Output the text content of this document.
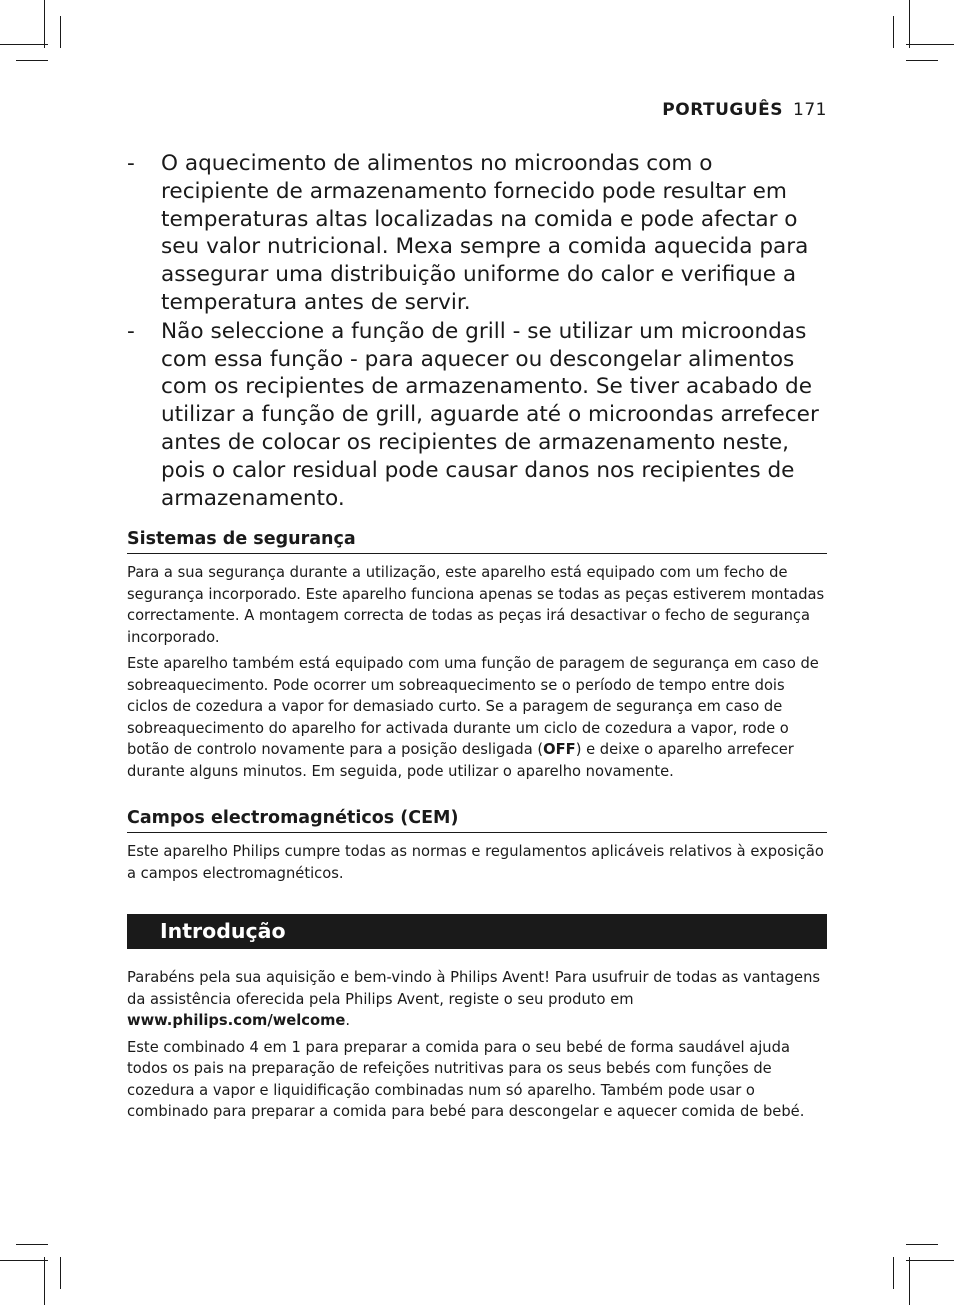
PORTUGUÊS 171
- O aquecimento de alimentos no microondas com o recipiente de armazenamento fornecido pode resultar em temperaturas altas localizadas na comida e pode afectar o seu valor nutricional. Mexa sempre a comida aquecida para assegurar uma distribuição uniforme do calor e verifique a temperatura antes de servir.
- Não seleccione a função de grill - se utilizar um microondas com essa função - para aquecer ou descongelar alimentos com os recipientes de armazenamento. Se tiver acabado de utilizar a função de grill, aguarde até o microondas arrefecer antes de colocar os recipientes de armazenamento neste, pois o calor residual pode causar danos nos recipientes de armazenamento.
Sistemas de segurança

Para a sua segurança durante a utilização, este aparelho está equipado com um fecho de segurança incorporado. Este aparelho funciona apenas se todas as peças estiverem montadas correctamente. A montagem correcta de todas as peças irá desactivar o fecho de segurança incorporado.

Este aparelho também está equipado com uma função de paragem de segurança em caso de sobreaquecimento. Pode ocorrer um sobreaquecimento se o período de tempo entre dois ciclos de cozedura a vapor for demasiado curto. Se a paragem de segurança em caso de sobreaquecimento do aparelho for activada durante um ciclo de cozedura a vapor, rode o botão de controlo novamente para a posição desligada (OFF) e deixe o aparelho arrefecer durante alguns minutos. Em seguida, pode utilizar o aparelho novamente.

Campos electromagnéticos (CEM)

Este aparelho Philips cumpre todas as normas e regulamentos aplicáveis relativos à exposição a campos electromagnéticos.

Introdução

Parabéns pela sua aquisição e bem-vindo à Philips Avent! Para usufruir de todas as vantagens da assistência oferecida pela Philips Avent, registe o seu produto em www.philips.com/welcome.

Este combinado 4 em 1 para preparar a comida para o seu bebé de forma saudável ajuda todos os pais na preparação de refeições nutritivas para os seus bebés com funções de cozedura a vapor e liquidificação combinadas num só aparelho. Também pode usar o combinado para preparar a comida para bebé para descongelar e aquecer comida de bebé.
